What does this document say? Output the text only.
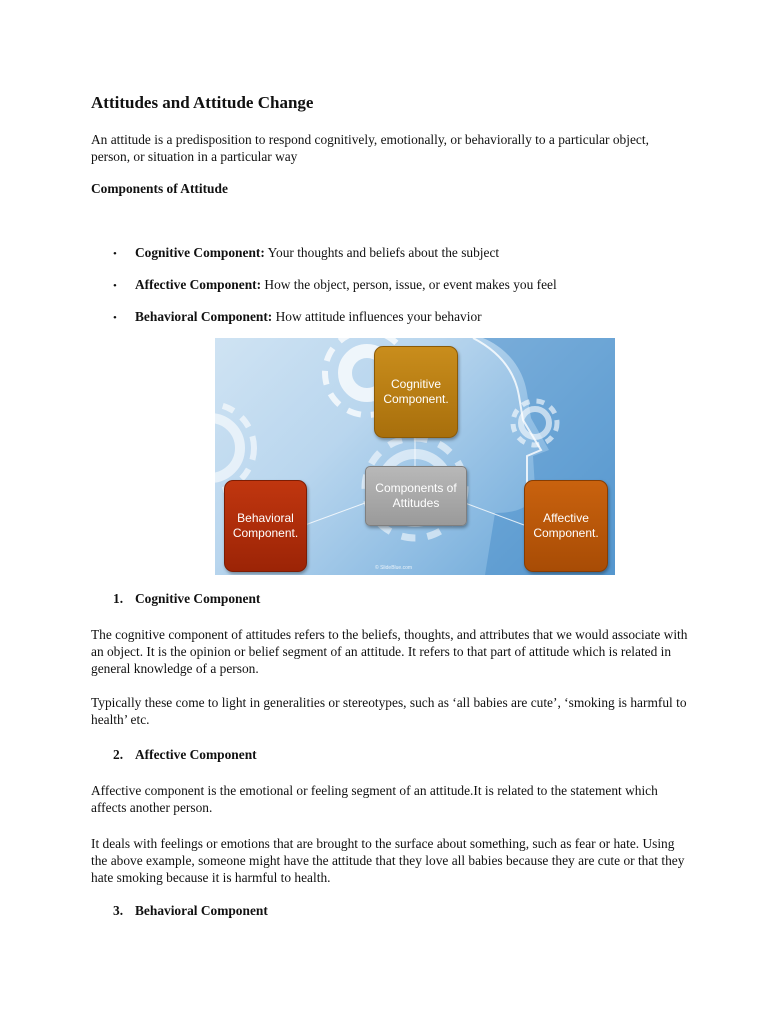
Attitudes and Attitude Change

An attitude is a predisposition to respond cognitively, emotionally, or behaviorally to a particular object, person, or situation in a particular way

Components of Attitude

• Cognitive Component: Your thoughts and beliefs about the subject

• Affective Component: How the object, person, issue, or event makes you feel

• Behavioral Component: How attitude influences your behavior

Cognitive Component.
Components of Attitudes
Behavioral Component.
Affective Component.
© SlideBlue.com

1. Cognitive Component

The cognitive component of attitudes refers to the beliefs, thoughts, and attributes that we would associate with an object. It is the opinion or belief segment of an attitude. It refers to that part of attitude which is related in general knowledge of a person.

Typically these come to light in generalities or stereotypes, such as ‘all babies are cute’, ‘smoking is harmful to health’ etc.

2. Affective Component

Affective component is the emotional or feeling segment of an attitude.It is related to the statement which affects another person.

It deals with feelings or emotions that are brought to the surface about something, such as fear or hate. Using the above example, someone might have the attitude that they love all babies because they are cute or that they hate smoking because it is harmful to health.

3. Behavioral Component
